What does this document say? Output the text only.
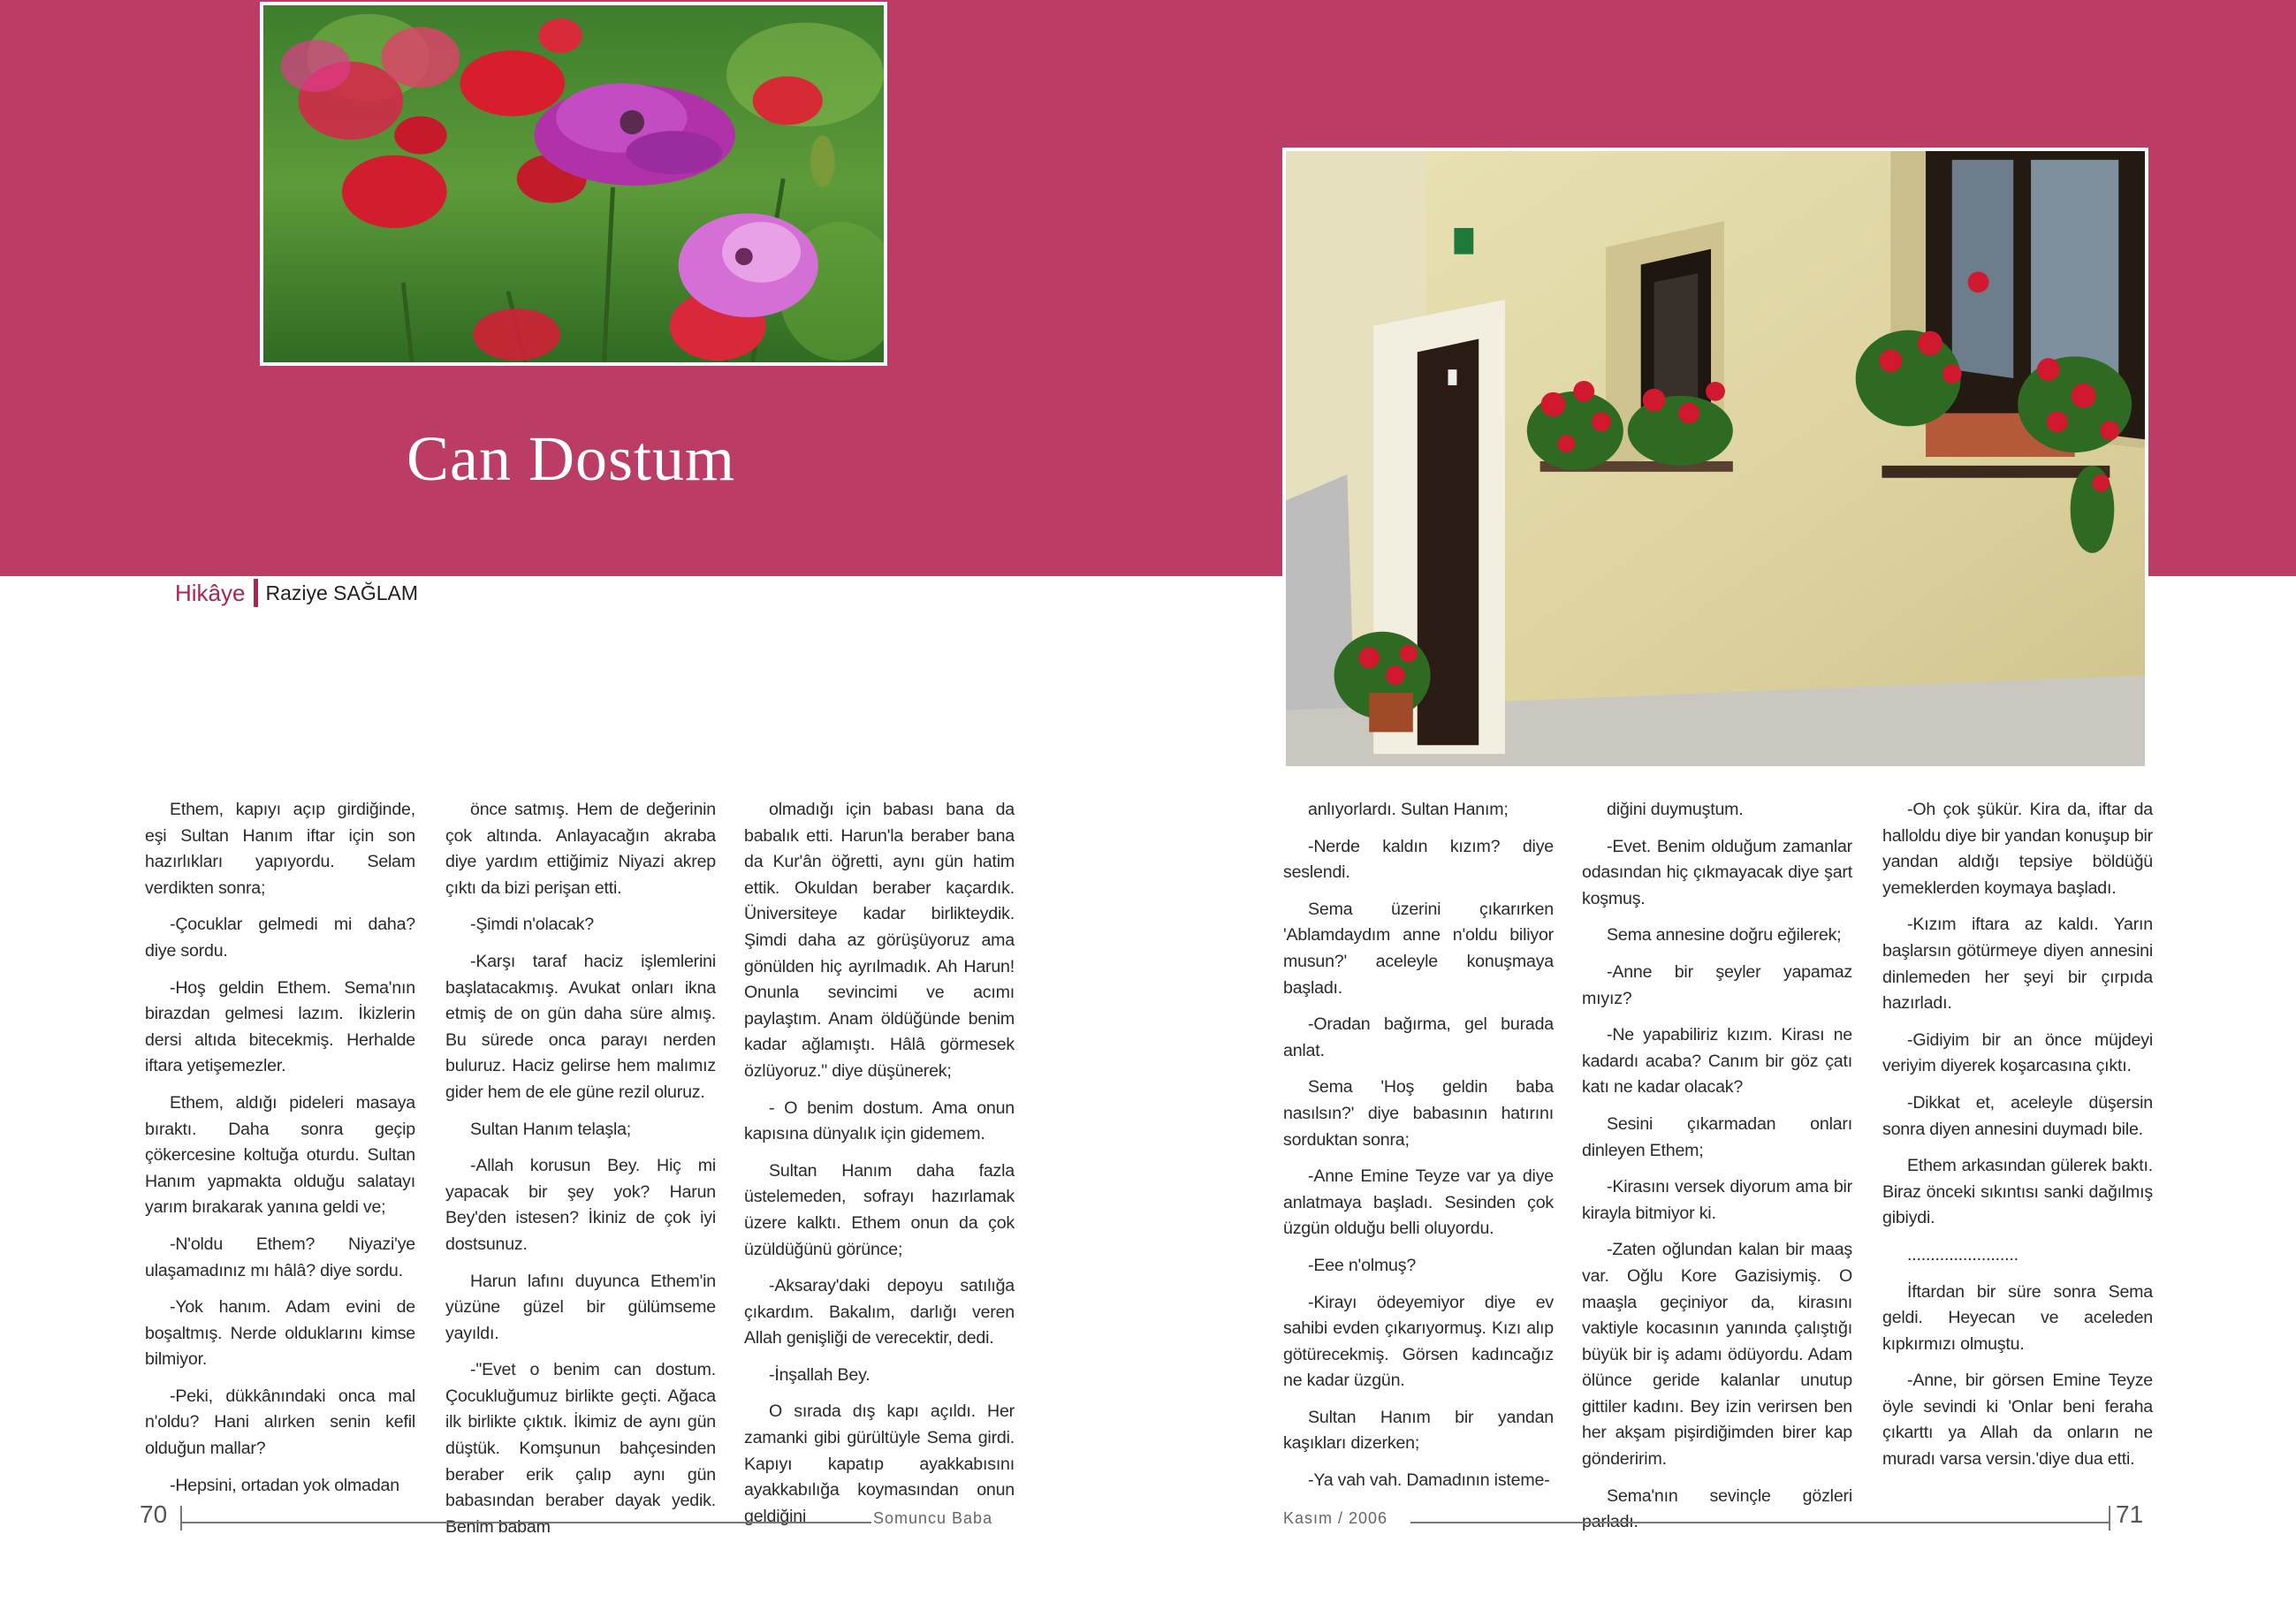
Can Dostum
Hikâye Raziye SAĞLAM

Ethem, kapıyı açıp girdiğinde, eşi Sultan Hanım iftar için son hazırlıkları yapıyordu. Selam verdikten sonra;

-Çocuklar gelmedi mi daha? diye sordu.

-Hoş geldin Ethem. Sema'nın birazdan gelmesi lazım. İkizlerin dersi altıda bitecekmiş. Herhalde iftara yetişemezler.

Ethem, aldığı pideleri masaya bıraktı. Daha sonra geçip çökercesine koltuğa oturdu. Sultan Hanım yapmakta olduğu salatayı yarım bırakarak yanına geldi ve;

-N'oldu Ethem? Niyazi'ye ulaşamadınız mı hâlâ? diye sordu.

-Yok hanım. Adam evini de boşaltmış. Nerde olduklarını kimse bilmiyor.

-Peki, dükkânındaki onca mal n'oldu? Hani alırken senin kefil olduğun mallar?

-Hepsini, ortadan yok olmadan

önce satmış. Hem de değerinin çok altında. Anlayacağın akraba diye yardım ettiğimiz Niyazi akrep çıktı da bizi perişan etti.

-Şimdi n'olacak?

-Karşı taraf haciz işlemlerini başlatacakmış. Avukat onları ikna etmiş de on gün daha süre almış. Bu sürede onca parayı nerden buluruz. Haciz gelirse hem malımız gider hem de ele güne rezil oluruz.

Sultan Hanım telaşla;

-Allah korusun Bey. Hiç mi yapacak bir şey yok? Harun Bey'den istesen? İkiniz de çok iyi dostsunuz.

Harun lafını duyunca Ethem'in yüzüne güzel bir gülümseme yayıldı.

-"Evet o benim can dostum. Çocukluğumuz birlikte geçti. Ağaca ilk birlikte çıktık. İkimiz de aynı gün düştük. Komşunun bahçesinden beraber erik çalıp aynı gün babasından beraber dayak yedik. Benim babam

olmadığı için babası bana da babalık etti. Harun'la beraber bana da Kur'ân öğretti, aynı gün hatim ettik. Okuldan beraber kaçardık. Üniversiteye kadar birlikteydik. Şimdi daha az görüşüyoruz ama gönülden hiç ayrılmadık. Ah Harun! Onunla sevincimi ve acımı paylaştım. Anam öldüğünde benim kadar ağlamıştı. Hâlâ görmesek özlüyoruz." diye düşünerek;

- O benim dostum. Ama onun kapısına dünyalık için gidemem.

Sultan Hanım daha fazla üstelemeden, sofrayı hazırlamak üzere kalktı. Ethem onun da çok üzüldüğünü görünce;

-Aksaray'daki depoyu satılığa çıkardım. Bakalım, darlığı veren Allah genişliği de verecektir, dedi.

-İnşallah Bey.

O sırada dış kapı açıldı. Her zamanki gibi gürültüyle Sema girdi. Kapıyı kapatıp ayakkabısını ayakkabılığa koymasından onun geldiğini

anlıyorlardı. Sultan Hanım;

-Nerde kaldın kızım? diye seslendi.

Sema üzerini çıkarırken 'Ablamdaydım anne n'oldu biliyor musun?' aceleyle konuşmaya başladı.

-Oradan bağırma, gel burada anlat.

Sema 'Hoş geldin baba nasılsın?' diye babasının hatırını sorduktan sonra;

-Anne Emine Teyze var ya diye anlatmaya başladı. Sesinden çok üzgün olduğu belli oluyordu.

-Eee n'olmuş?

-Kirayı ödeyemiyor diye ev sahibi evden çıkarıyormuş. Kızı alıp götürecekmiş. Görsen kadıncağız ne kadar üzgün.

Sultan Hanım bir yandan kaşıkları dizerken;

-Ya vah vah. Damadının isteme-

diğini duymuştum.

-Evet. Benim olduğum zamanlar odasından hiç çıkmayacak diye şart koşmuş.

Sema annesine doğru eğilerek;

-Anne bir şeyler yapamaz mıyız?

-Ne yapabiliriz kızım. Kirası ne kadardı acaba? Canım bir göz çatı katı ne kadar olacak?

Sesini çıkarmadan onları dinleyen Ethem;

-Kirasını versek diyorum ama bir kirayla bitmiyor ki.

-Zaten oğlundan kalan bir maaş var. Oğlu Kore Gazisiymiş. O maaşla geçiniyor da, kirasını vaktiyle kocasının yanında çalıştığı büyük bir iş adamı ödüyordu. Adam ölünce geride kalanlar unutup gittiler kadını. Bey izin verirsen ben her akşam pişirdiğimden birer kap gönderirim.

Sema'nın sevinçle gözleri parladı.

-Oh çok şükür. Kira da, iftar da halloldu diye bir yandan konuşup bir yandan aldığı tepsiye böldüğü yemeklerden koymaya başladı.

-Kızım iftara az kaldı. Yarın başlarsın götürmeye diyen annesini dinlemeden her şeyi bir çırpıda hazırladı.

-Gidiyim bir an önce müjdeyi veriyim diyerek koşarcasına çıktı.

-Dikkat et, aceleyle düşersin sonra diyen annesini duymadı bile.

Ethem arkasından gülerek baktı. Biraz önceki sıkıntısı sanki dağılmış gibiydi.

........................

İftardan bir süre sonra Sema geldi. Heyecan ve aceleden kıpkırmızı olmuştu.

-Anne, bir görsen Emine Teyze öyle sevindi ki 'Onlar beni feraha çıkarttı ya Allah da onların ne muradı varsa versin.'diye dua etti.

70	Somuncu Baba	Kasım / 2006	71
